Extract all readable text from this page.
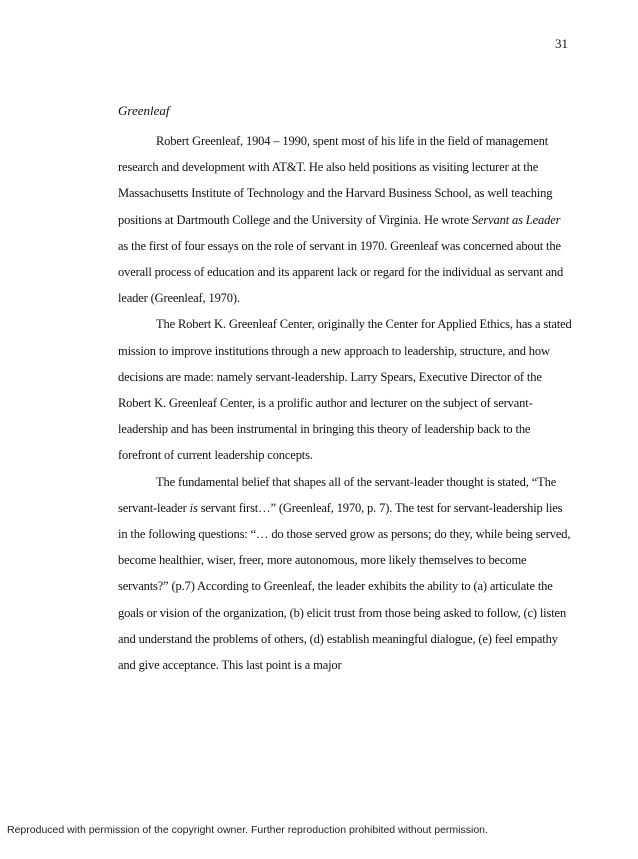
31
Greenleaf

Robert Greenleaf, 1904 – 1990, spent most of his life in the field of management research and development with AT&T. He also held positions as visiting lecturer at the Massachusetts Institute of Technology and the Harvard Business School, as well teaching positions at Dartmouth College and the University of Virginia. He wrote Servant as Leader as the first of four essays on the role of servant in 1970. Greenleaf was concerned about the overall process of education and its apparent lack or regard for the individual as servant and leader (Greenleaf, 1970).

The Robert K. Greenleaf Center, originally the Center for Applied Ethics, has a stated mission to improve institutions through a new approach to leadership, structure, and how decisions are made: namely servant-leadership. Larry Spears, Executive Director of the Robert K. Greenleaf Center, is a prolific author and lecturer on the subject of servant-leadership and has been instrumental in bringing this theory of leadership back to the forefront of current leadership concepts.

The fundamental belief that shapes all of the servant-leader thought is stated, “The servant-leader is servant first…” (Greenleaf, 1970, p. 7). The test for servant-leadership lies in the following questions: “… do those served grow as persons; do they, while being served, become healthier, wiser, freer, more autonomous, more likely themselves to become servants?” (p.7) According to Greenleaf, the leader exhibits the ability to (a) articulate the goals or vision of the organization, (b) elicit trust from those being asked to follow, (c) listen and understand the problems of others, (d) establish meaningful dialogue, (e) feel empathy and give acceptance. This last point is a major

Reproduced with permission of the copyright owner. Further reproduction prohibited without permission.
